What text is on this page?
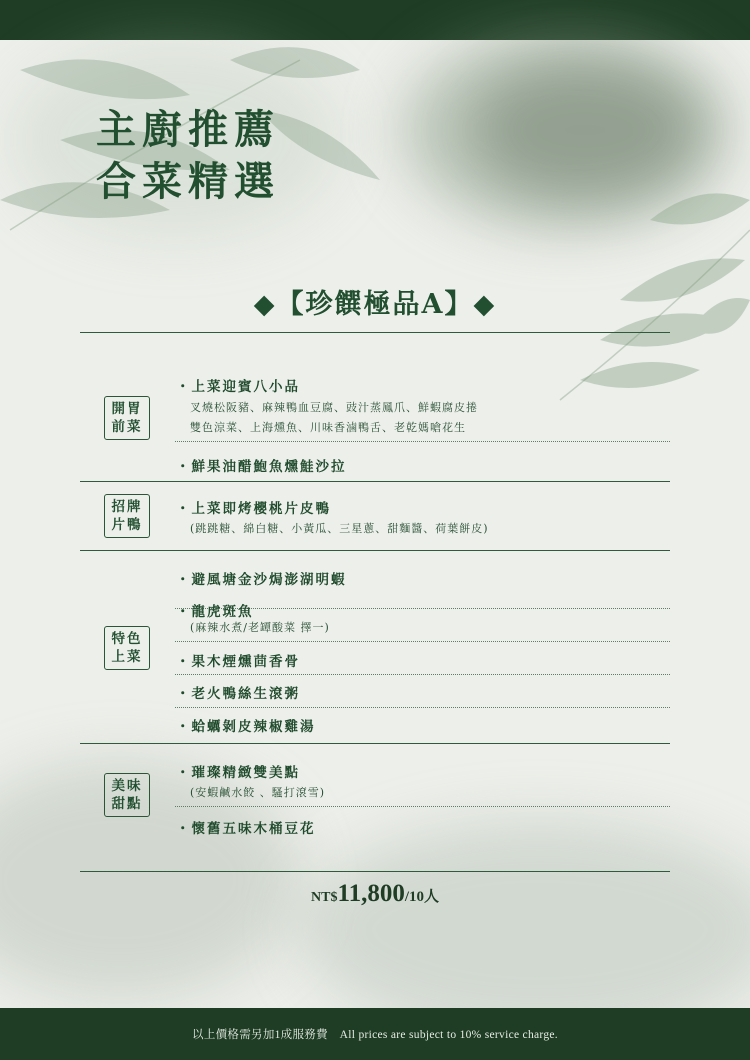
主廚推薦
合菜精選
◆【珍饌極品A】◆
開胃
前菜
招牌
片鴨
特色
上菜
美味
甜點
・上菜迎賓八小品
叉燒松阪豬、麻辣鴨血豆腐、豉汁蒸鳳爪、鮮蝦腐皮捲
雙色涼菜、上海燻魚、川味香滷鴨舌、老乾媽嗆花生
・鮮果油醋鮑魚燻鮭沙拉
・上菜即烤櫻桃片皮鴨
(跳跳糖、綿白糖、小黃瓜、三星蔥、甜麵醬、荷葉餅皮)
・避風塘金沙焗澎湖明蝦
・龍虎斑魚
(麻辣水煮/老罈酸菜 擇一)
・果木煙燻茴香骨
・老火鴨絲生滾粥
・蛤蠣剝皮辣椒雞湯
・璀璨精緻雙美點
(安蝦鹹水餃 、騷打滾雪)
・懷舊五味木桶豆花
NT$11,800/10人
以上價格需另加1成服務費　All prices are subject to 10% service charge.
